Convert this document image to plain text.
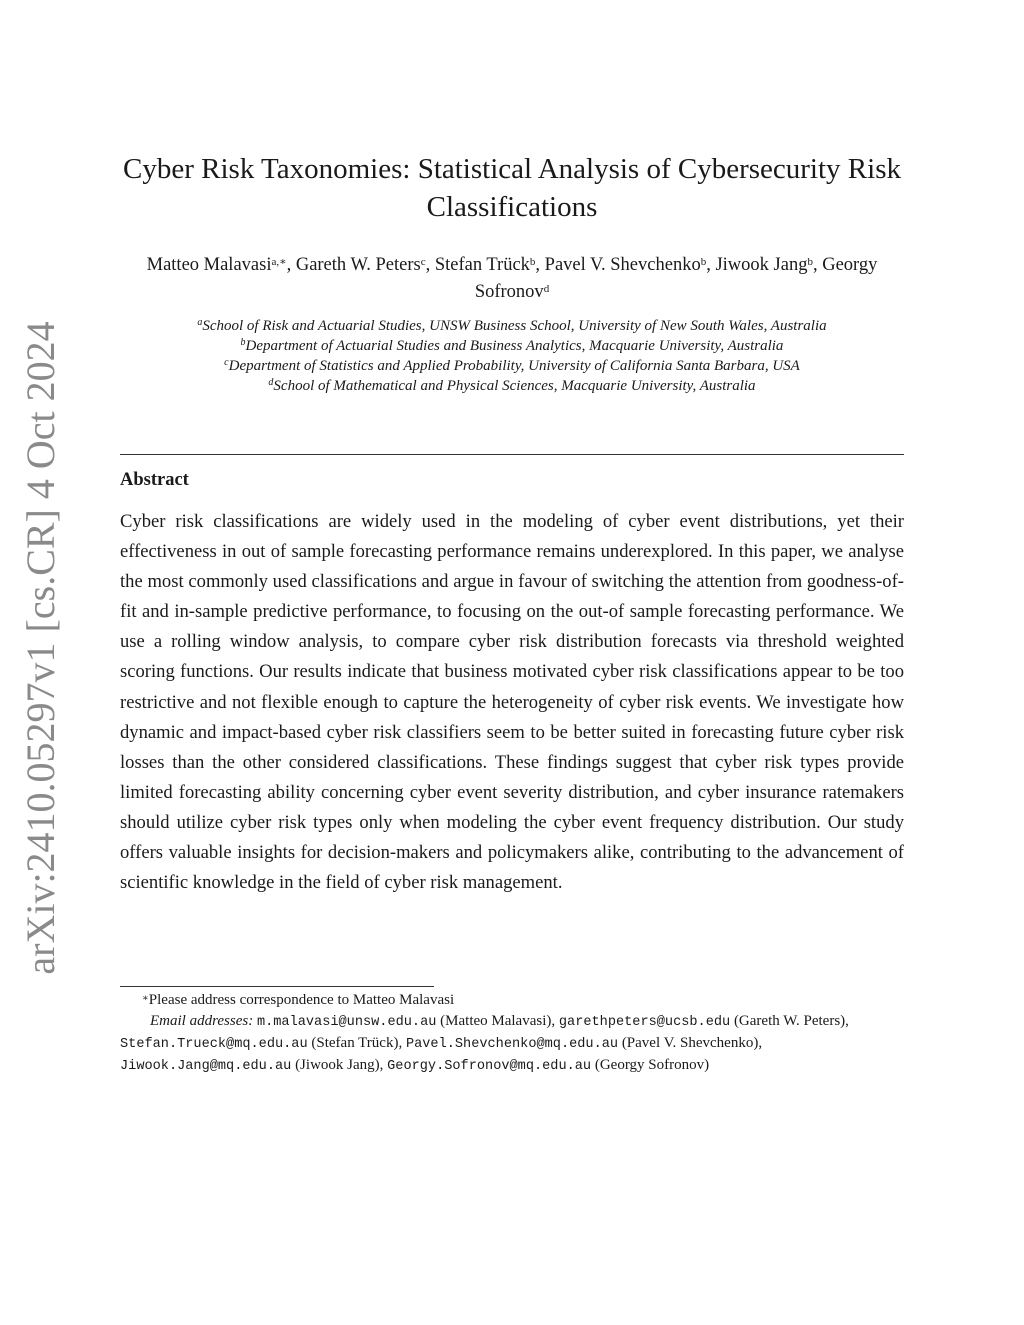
arXiv:2410.05297v1 [cs.CR] 4 Oct 2024
Cyber Risk Taxonomies: Statistical Analysis of Cybersecurity Risk Classifications
Matteo Malavasi$^{a,∗}$, Gareth W. Peters$^c$, Stefan Trück$^b$, Pavel V. Shevchenko$^b$, Jiwook Jang$^b$, Georgy Sofronov$^d$
$^a$School of Risk and Actuarial Studies, UNSW Business School, University of New South Wales, Australia
$^b$Department of Actuarial Studies and Business Analytics, Macquarie University, Australia
$^c$Department of Statistics and Applied Probability, University of California Santa Barbara, USA
$^d$School of Mathematical and Physical Sciences, Macquarie University, Australia
Abstract

Cyber risk classifications are widely used in the modeling of cyber event distributions, yet their effectiveness in out of sample forecasting performance remains underexplored. In this paper, we analyse the most commonly used classifications and argue in favour of switching the attention from goodness-of-fit and in-sample predictive performance, to focusing on the out-of sample forecasting performance. We use a rolling window analysis, to compare cyber risk distribution forecasts via threshold weighted scoring functions. Our results indicate that business motivated cyber risk classifications appear to be too restrictive and not flexible enough to capture the heterogeneity of cyber risk events. We investigate how dynamic and impact-based cyber risk classifiers seem to be better suited in forecasting future cyber risk losses than the other considered classifications. These findings suggest that cyber risk types provide limited forecasting ability concerning cyber event severity distribution, and cyber insurance ratemakers should utilize cyber risk types only when modeling the cyber event frequency distribution. Our study offers valuable insights for decision-makers and policymakers alike, contributing to the advancement of scientific knowledge in the field of cyber risk management.

∗Please address correspondence to Matteo Malavasi

Email addresses: m.malavasi@unsw.edu.au (Matteo Malavasi), garethpeters@ucsb.edu (Gareth W. Peters), Stefan.Trueck@mq.edu.au (Stefan Trück), Pavel.Shevchenko@mq.edu.au (Pavel V. Shevchenko), Jiwook.Jang@mq.edu.au (Jiwook Jang), Georgy.Sofronov@mq.edu.au (Georgy Sofronov)
